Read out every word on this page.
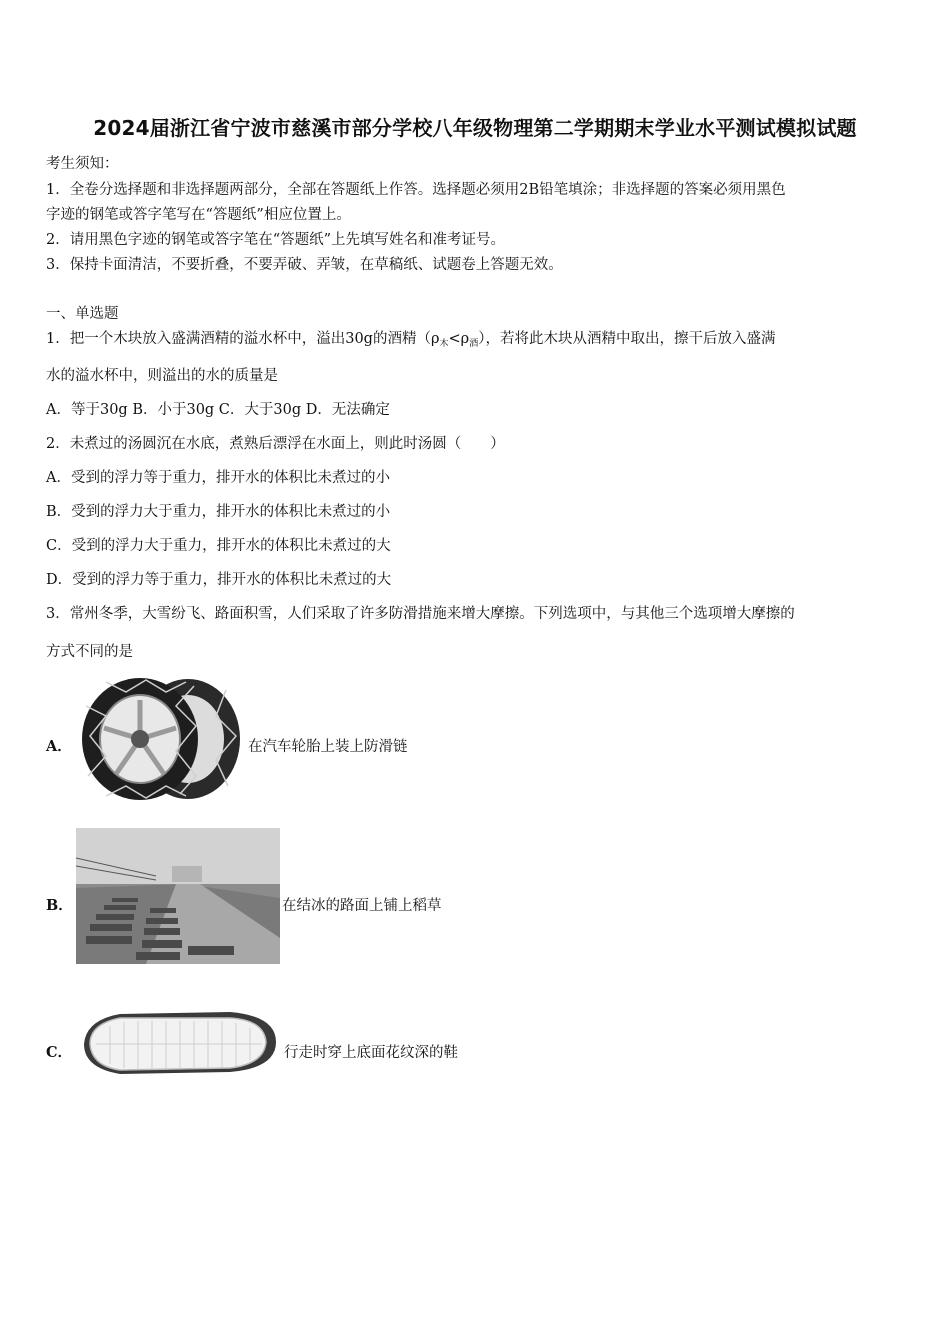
2024届浙江省宁波市慈溪市部分学校八年级物理第二学期期末学业水平测试模拟试题
考生须知：
1．全卷分选择题和非选择题两部分，全部在答题纸上作答。选择题必须用2B铅笔填涂；非选择题的答案必须用黑色
字迹的钢笔或答字笔写在“答题纸”相应位置上。
2．请用黑色字迹的钢笔或答字笔在“答题纸”上先填写姓名和准考证号。
3．保持卡面清洁，不要折叠，不要弄破、弄皱，在草稿纸、试题卷上答题无效。
一、单选题
1．把一个木块放入盛满酒精的溢水杯中，溢出30g的酒精$(\rho_木<\rho_酒)$，若将此木块从酒精中取出，擦干后放入盛满
水的溢水杯中，则溢出的水的质量是
A．等于30g B．小于30g C．大于30g D．无法确定
2．未煮过的汤圆沉在水底，煮熟后漂浮在水面上，则此时汤圆（　　）
A．受到的浮力等于重力，排开水的体积比未煮过的小
B．受到的浮力大于重力，排开水的体积比未煮过的小
C．受到的浮力大于重力，排开水的体积比未煮过的大
D．受到的浮力等于重力，排开水的体积比未煮过的大
3．常州冬季，大雪纷飞、路面积雪，人们采取了许多防滑措施来增大摩擦。下列选项中，与其他三个选项增大摩擦的
方式不同的是
A．	在汽车轮胎上装上防滑链
B．	在结冰的路面上铺上稻草
C．	行走时穿上底面花纹深的鞋
